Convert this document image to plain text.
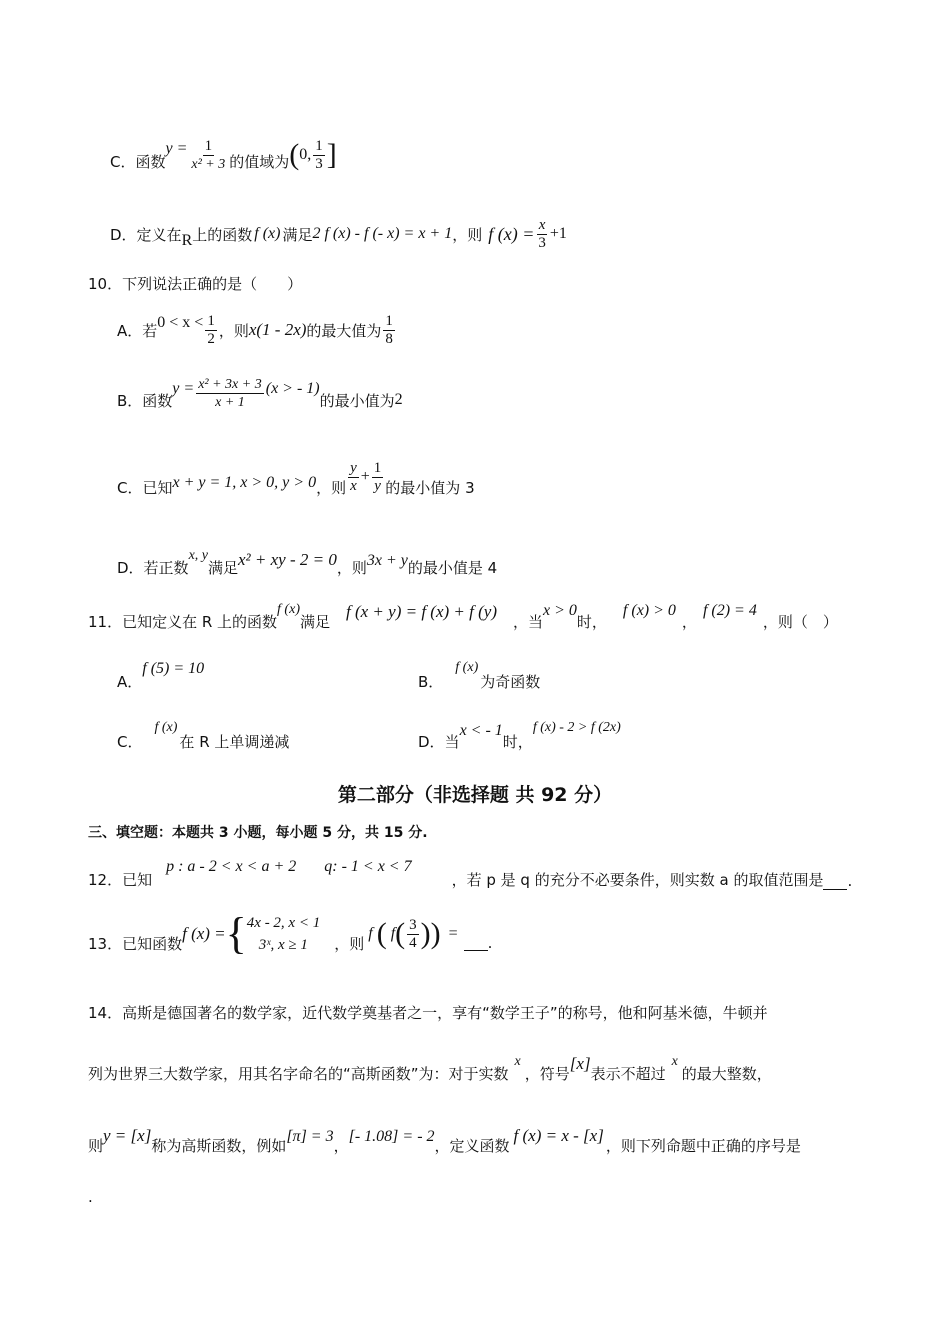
C．函数
$y = \frac{1}{\text{x² + 3}}$ 的值域为 ( 0, $\frac{1}{3}$ ]
D．定义在 R 上的函数 f (x) 满足 2 f (x) - f (- x) = x + 1 ，则 f $(x) = \frac{x}{3} +1$
10．下列说法正确的是（　　）
A．若 $0 < x < \frac{1}{2}$ ，则 x(1 - 2x) 的最大值为 $\frac{1}{8}$
B．函数
$y = \frac{\text{x² + 3x + 3}}{x + 1} (x$ > - 1)
的最小值为 2
C．已知 x + y = 1, x > 0, y > 0 ，则 $\frac{y}{x} + \frac{1}{y}$ 的最小值为 3
D．若正数
x, y
满足 x² + xy - 2 = 0 ，则 3x + y 的最小值是 4
11．已知定义在 R 上的函数
f (x)
满足
f (x + y) = f (x) + f (y)
，当
x > 0
时，
f (x) > 0
，
f (2) = 4
，则（　）
A．
f (5) = 10
B．
f (x)
为奇函数
C．
f (x)
在 R 上单调递减	D．当
x < - 1
时，
f (x) - 2 > f (2x)
第二部分（非选择题 共 92 分）
三、填空题：本题共 3 小题，每小题 5 分，共 15 分.
12．已知
p : a - 2 < x < a + 2 q: - 1 < x < 7
，若 p 是 q 的充分不必要条件，则实数 a 的取值范围是 .
13．已知函数
f (x) = { 4x - 2, x < 1
3ˣ, x ≥ 1	，则
f ( f ( $\frac{3}{4}$ ) ) =
.
14．高斯是德国著名的数学家，近代数学奠基者之一，享有“数学王子”的称号，他和阿基米德，牛顿并
列为世界三大数学家，用其名字命名的“高斯函数”为：对于实数
x
，符号
[x]
表示不超过
x
的最大整数，
则
y = [x]
称为高斯函数，例如
[π] = 3
，
[- 1.08] = - 2
，定义函数
f (x) = x - [x]
，则下列命题中正确的序号是
.
